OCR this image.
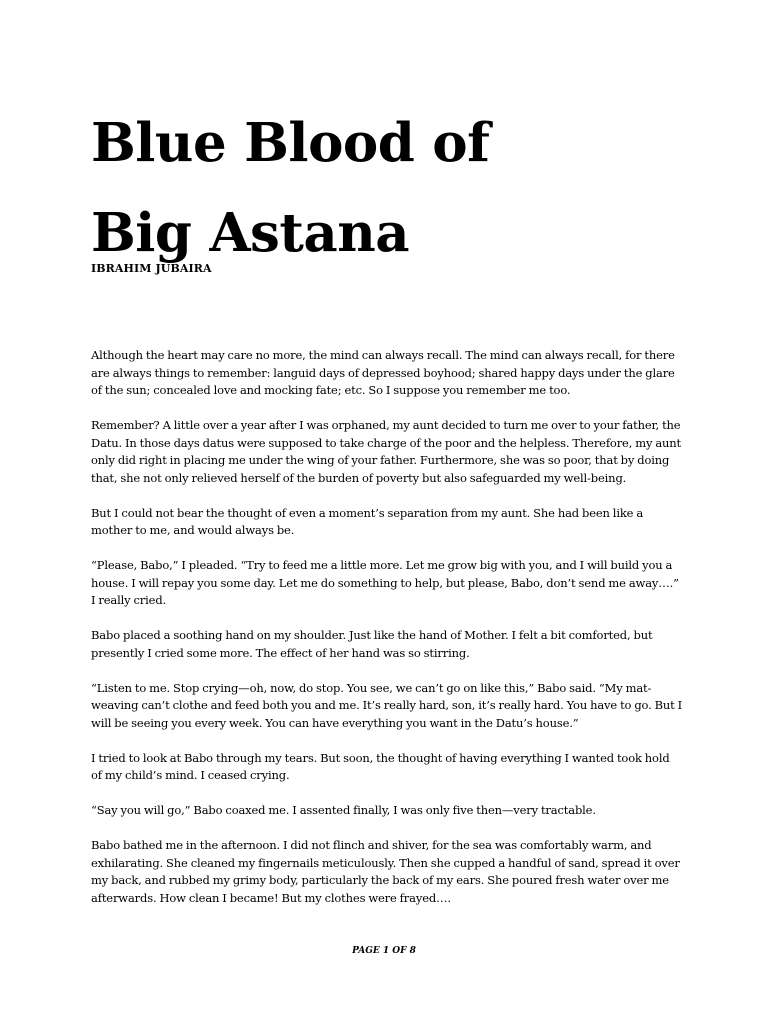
Blue Blood of
Big Astana

IBRAHIM JUBAIRA

Although the heart may care no more, the mind can always recall. The mind can always recall, for there are always things to remember: languid days of depressed boyhood; shared happy days under the glare of the sun; concealed love and mocking fate; etc. So I suppose you remember me too.

Remember? A little over a year after I was orphaned, my aunt decided to turn me over to your father, the Datu. In those days datus were supposed to take charge of the poor and the helpless. Therefore, my aunt only did right in placing me under the wing of your father. Furthermore, she was so poor, that by doing that, she not only relieved herself of the burden of poverty but also safeguarded my well-being.

But I could not bear the thought of even a moment’s separation from my aunt. She had been like a mother to me, and would always be.

“Please, Babo,” I pleaded. “Try to feed me a little more. Let me grow big with you, and I will build you a house. I will repay you some day. Let me do something to help, but please, Babo, don’t send me away….” I really cried.

Babo placed a soothing hand on my shoulder. Just like the hand of Mother. I felt a bit comforted, but presently I cried some more. The effect of her hand was so stirring.

“Listen to me. Stop crying—oh, now, do stop. You see, we can’t go on like this,” Babo said. “My mat-weaving can’t clothe and feed both you and me. It’s really hard, son, it’s really hard. You have to go. But I will be seeing you every week. You can have everything you want in the Datu’s house.”

I tried to look at Babo through my tears. But soon, the thought of having everything I wanted took hold of my child’s mind. I ceased crying.

“Say you will go,” Babo coaxed me. I assented finally, I was only five then—very tractable.

Babo bathed me in the afternoon. I did not flinch and shiver, for the sea was comfortably warm, and exhilarating. She cleaned my fingernails meticulously. Then she cupped a handful of sand, spread it over my back, and rubbed my grimy body, particularly the back of my ears. She poured fresh water over me afterwards. How clean I became! But my clothes were frayed….

PAGE 1 OF 8
